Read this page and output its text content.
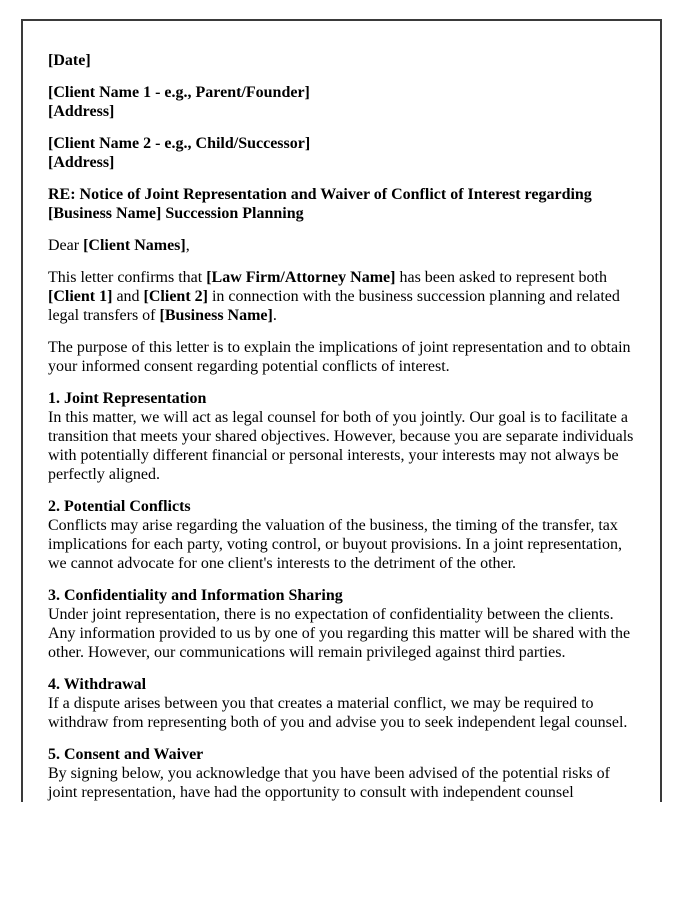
[Date]

[Client Name 1 - e.g., Parent/Founder]
[Address]

[Client Name 2 - e.g., Child/Successor]
[Address]

RE: Notice of Joint Representation and Waiver of Conflict of Interest regarding [Business Name] Succession Planning

Dear [Client Names],

This letter confirms that [Law Firm/Attorney Name] has been asked to represent both [Client 1] and [Client 2] in connection with the business succession planning and related legal transfers of [Business Name].

The purpose of this letter is to explain the implications of joint representation and to obtain your informed consent regarding potential conflicts of interest.

1. Joint Representation
In this matter, we will act as legal counsel for both of you jointly. Our goal is to facilitate a transition that meets your shared objectives. However, because you are separate individuals with potentially different financial or personal interests, your interests may not always be perfectly aligned.

2. Potential Conflicts
Conflicts may arise regarding the valuation of the business, the timing of the transfer, tax implications for each party, voting control, or buyout provisions. In a joint representation, we cannot advocate for one client's interests to the detriment of the other.

3. Confidentiality and Information Sharing
Under joint representation, there is no expectation of confidentiality between the clients. Any information provided to us by one of you regarding this matter will be shared with the other. However, our communications will remain privileged against third parties.

4. Withdrawal
If a dispute arises between you that creates a material conflict, we may be required to withdraw from representing both of you and advise you to seek independent legal counsel.

5. Consent and Waiver
By signing below, you acknowledge that you have been advised of the potential risks of joint representation, have had the opportunity to consult with independent counsel
